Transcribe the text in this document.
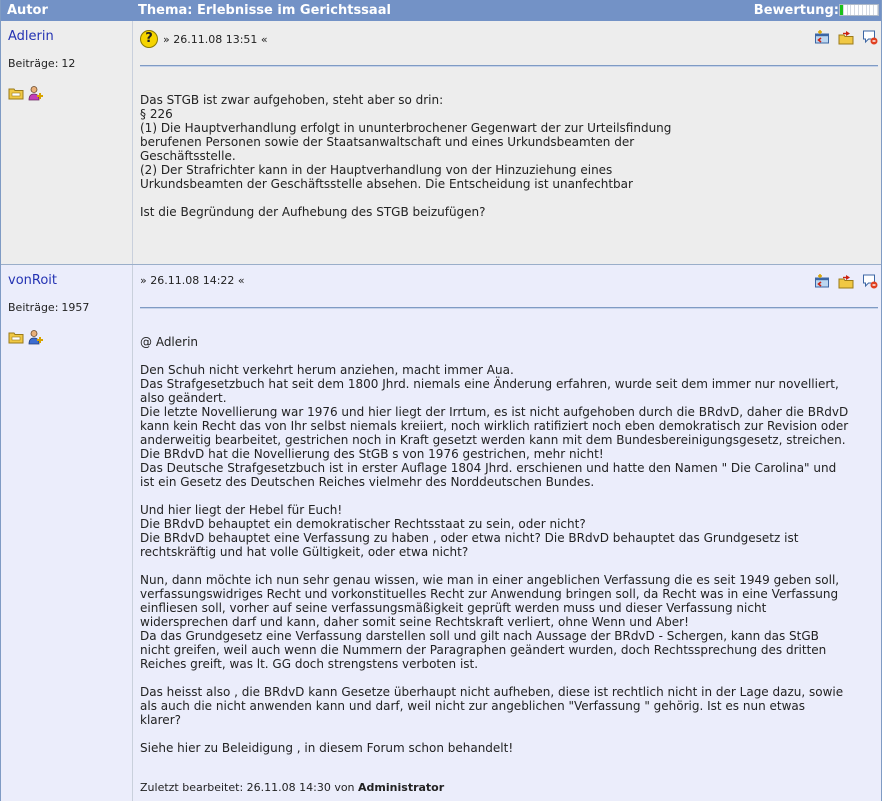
Autor	Thema: Erlebnisse im Gerichtssaal	Bewertung:
Adlerin
Beiträge: 12
? » 26.11.08 13:51 «
Das STGB ist zwar aufgehoben, steht aber so drin:
§ 226
(1) Die Hauptverhandlung erfolgt in ununterbrochener Gegenwart der zur Urteilsfindung
berufenen Personen sowie der Staatsanwaltschaft und eines Urkundsbeamten der
Geschäftsstelle.
(2) Der Strafrichter kann in der Hauptverhandlung von der Hinzuziehung eines
Urkundsbeamten der Geschäftsstelle absehen. Die Entscheidung ist unanfechtbar

Ist die Begründung der Aufhebung des STGB beizufügen?
vonRoit
Beiträge: 1957
» 26.11.08 14:22 «
@ Adlerin

Den Schuh nicht verkehrt herum anziehen, macht immer Aua.
Das Strafgesetzbuch hat seit dem 1800 Jhrd. niemals eine Änderung erfahren, wurde seit dem immer nur novelliert,
also geändert.
Die letzte Novellierung war 1976 und hier liegt der Irrtum, es ist nicht aufgehoben durch die BRdvD, daher die BRdvD
kann kein Recht das von Ihr selbst niemals kreiiert, noch wirklich ratifiziert noch eben demokratisch zur Revision oder
anderweitig bearbeitet, gestrichen noch in Kraft gesetzt werden kann mit dem Bundesbereinigungsgesetz, streichen.
Die BRdvD hat die Novellierung des StGB s von 1976 gestrichen, mehr nicht!
Das Deutsche Strafgesetzbuch ist in erster Auflage 1804 Jhrd. erschienen und hatte den Namen " Die Carolina" und
ist ein Gesetz des Deutschen Reiches vielmehr des Norddeutschen Bundes.

Und hier liegt der Hebel für Euch!
Die BRdvD behauptet ein demokratischer Rechtsstaat zu sein, oder nicht?
Die BRdvD behauptet eine Verfassung zu haben , oder etwa nicht? Die BRdvD behauptet das Grundgesetz ist
rechtskräftig und hat volle Gültigkeit, oder etwa nicht?

Nun, dann möchte ich nun sehr genau wissen, wie man in einer angeblichen Verfassung die es seit 1949 geben soll,
verfassungswidriges Recht und vorkonstituelles Recht zur Anwendung bringen soll, da Recht was in eine Verfassung
einfliesen soll, vorher auf seine verfassungsmäßigkeit geprüft werden muss und dieser Verfassung nicht
widersprechen darf und kann, daher somit seine Rechtskraft verliert, ohne Wenn und Aber!
Da das Grundgesetz eine Verfassung darstellen soll und gilt nach Aussage der BRdvD - Schergen, kann das StGB
nicht greifen, weil auch wenn die Nummern der Paragraphen geändert wurden, doch Rechtssprechung des dritten
Reiches greift, was lt. GG doch strengstens verboten ist.

Das heisst also , die BRdvD kann Gesetze überhaupt nicht aufheben, diese ist rechtlich nicht in der Lage dazu, sowie
als auch die nicht anwenden kann und darf, weil nicht zur angeblichen "Verfassung " gehörig. Ist es nun etwas
klarer?

Siehe hier zu Beleidigung , in diesem Forum schon behandelt!
Zuletzt bearbeitet: 26.11.08 14:30 von Administrator
